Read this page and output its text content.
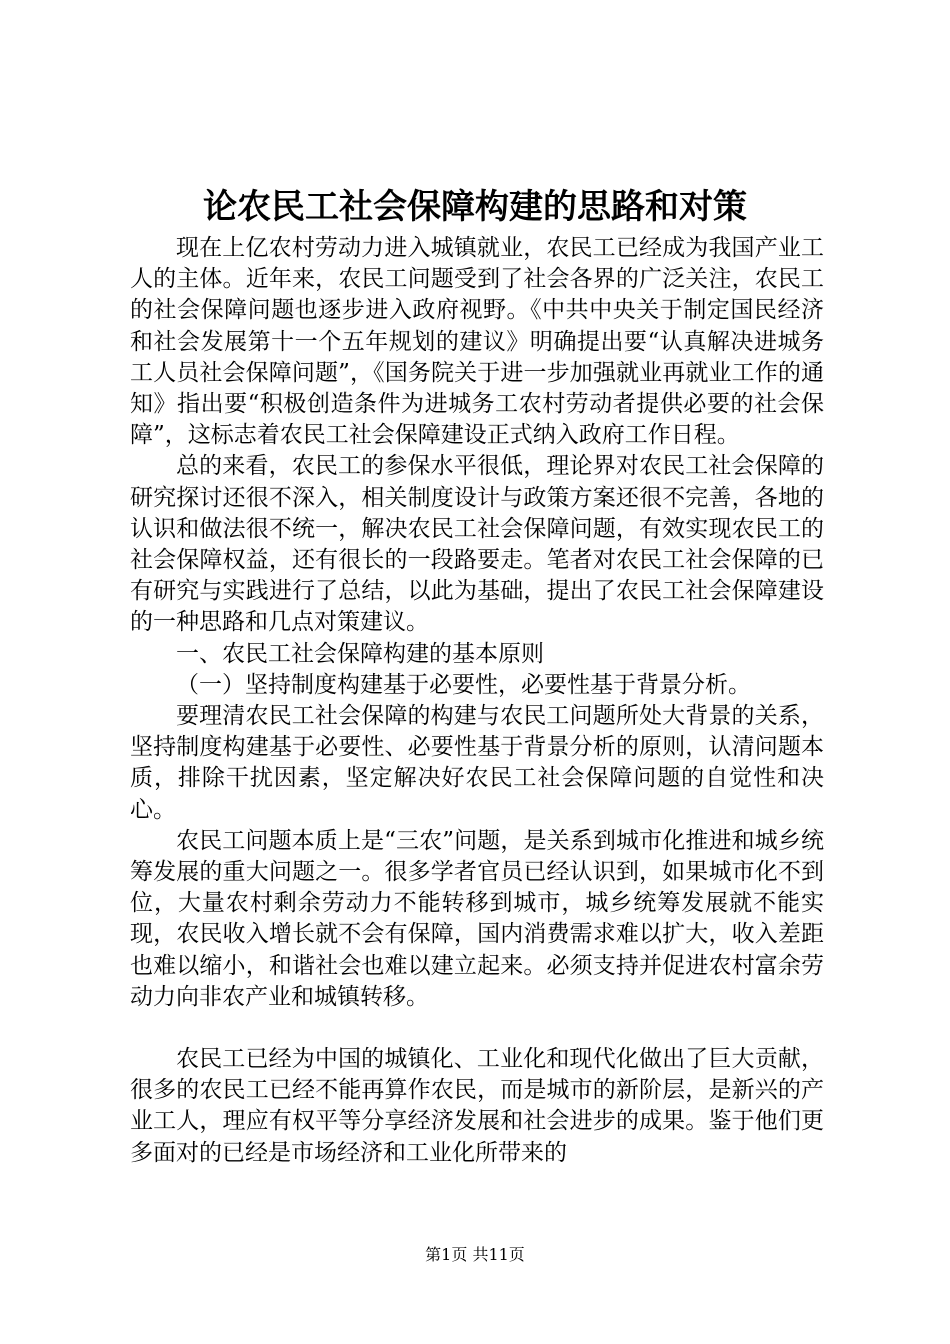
论农民工社会保障构建的思路和对策

现在上亿农村劳动力进入城镇就业，农民工已经成为我国产业工人的主体。近年来，农民工问题受到了社会各界的广泛关注，农民工的社会保障问题也逐步进入政府视野。《中共中央关于制定国民经济和社会发展第十一个五年规划的建议》明确提出要“认真解决进城务工人员社会保障问题”，《国务院关于进一步加强就业再就业工作的通知》指出要“积极创造条件为进城务工农村劳动者提供必要的社会保障”，这标志着农民工社会保障建设正式纳入政府工作日程。

总的来看，农民工的参保水平很低，理论界对农民工社会保障的研究探讨还很不深入，相关制度设计与政策方案还很不完善，各地的认识和做法很不统一，解决农民工社会保障问题，有效实现农民工的社会保障权益，还有很长的一段路要走。笔者对农民工社会保障的已有研究与实践进行了总结，以此为基础，提出了农民工社会保障建设的一种思路和几点对策建议。

一、农民工社会保障构建的基本原则

（一）坚持制度构建基于必要性，必要性基于背景分析。

要理清农民工社会保障的构建与农民工问题所处大背景的关系，坚持制度构建基于必要性、必要性基于背景分析的原则，认清问题本质，排除干扰因素，坚定解决好农民工社会保障问题的自觉性和决心。

农民工问题本质上是“三农”问题，是关系到城市化推进和城乡统筹发展的重大问题之一。很多学者官员已经认识到，如果城市化不到位，大量农村剩余劳动力不能转移到城市，城乡统筹发展就不能实现，农民收入增长就不会有保障，国内消费需求难以扩大，收入差距也难以缩小，和谐社会也难以建立起来。必须支持并促进农村富余劳动力向非农产业和城镇转移。

农民工已经为中国的城镇化、工业化和现代化做出了巨大贡献，很多的农民工已经不能再算作农民，而是城市的新阶层，是新兴的产业工人，理应有权平等分享经济发展和社会进步的成果。鉴于他们更多面对的已经是市场经济和工业化所带来的

第1页 共11页
